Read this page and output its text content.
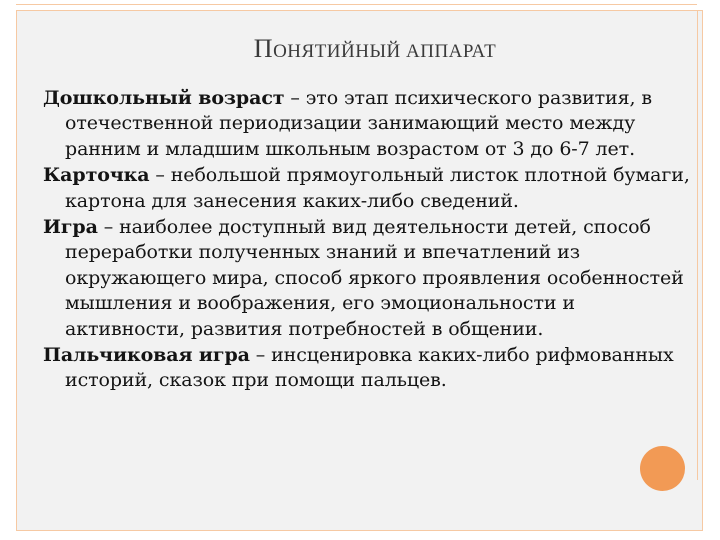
ПОНЯТИЙНЫЙ АППАРАТ

Дошкольный возраст – это этап психического развития, в отечественной периодизации занимающий место между ранним и младшим школьным возрастом от 3 до 6-7 лет.

Карточка – небольшой прямоугольный листок плотной бумаги, картона для занесения каких-либо сведений.

Игра – наиболее доступный вид деятельности детей, способ переработки полученных знаний и впечатлений из окружающего мира, способ яркого проявления особенностей мышления и воображения, его эмоциональности и активности, развития потребностей в общении.

Пальчиковая игра – инсценировка каких-либо рифмованных историй, сказок при помощи пальцев.
